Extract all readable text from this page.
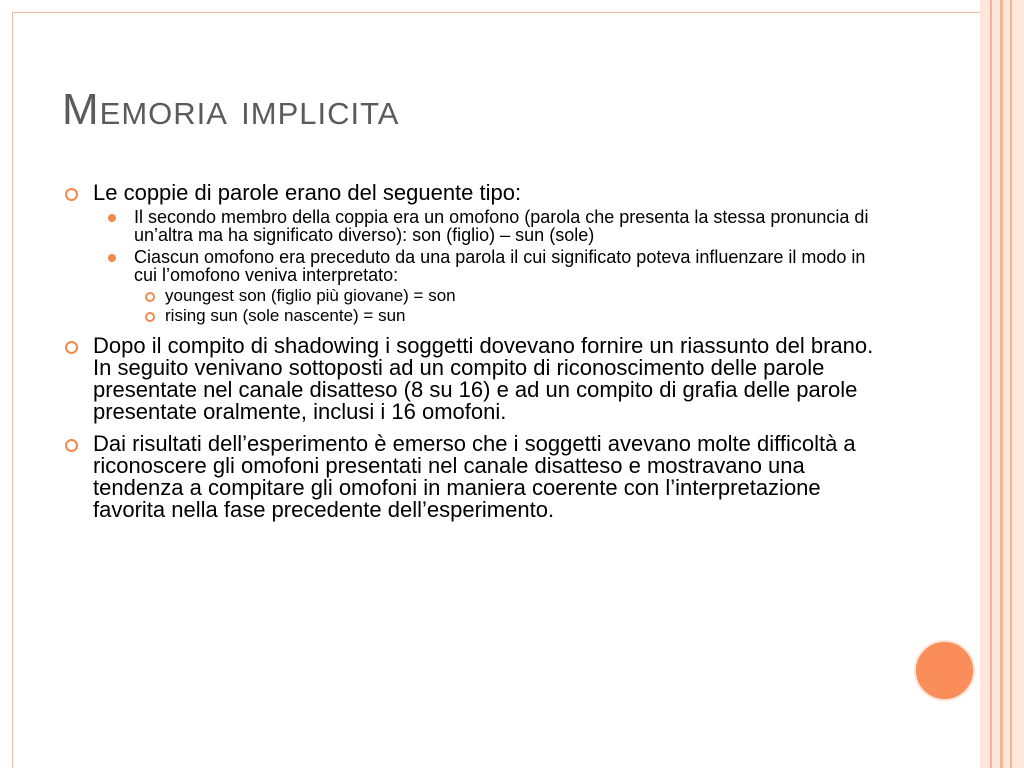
Memoria implicita
Le coppie di parole erano del seguente tipo:
Il secondo membro della coppia era un omofono (parola che presenta la stessa pronuncia di un’altra ma ha significato diverso): son (figlio) – sun (sole)
Ciascun omofono era preceduto da una parola il cui significato poteva influenzare il modo in cui l’omofono veniva interpretato:
youngest son (figlio più giovane) = son
rising sun (sole nascente) = sun
Dopo il compito di shadowing i soggetti dovevano fornire un riassunto del brano. In seguito venivano sottoposti ad un compito di riconoscimento delle parole presentate nel canale disatteso (8 su 16) e ad un compito di grafia delle parole presentate oralmente, inclusi i 16 omofoni.
Dai risultati dell’esperimento è emerso che i soggetti avevano molte difficoltà a riconoscere gli omofoni presentati nel canale disatteso e mostravano una tendenza a compitare gli omofoni in maniera coerente con l’interpretazione favorita nella fase precedente dell’esperimento.
